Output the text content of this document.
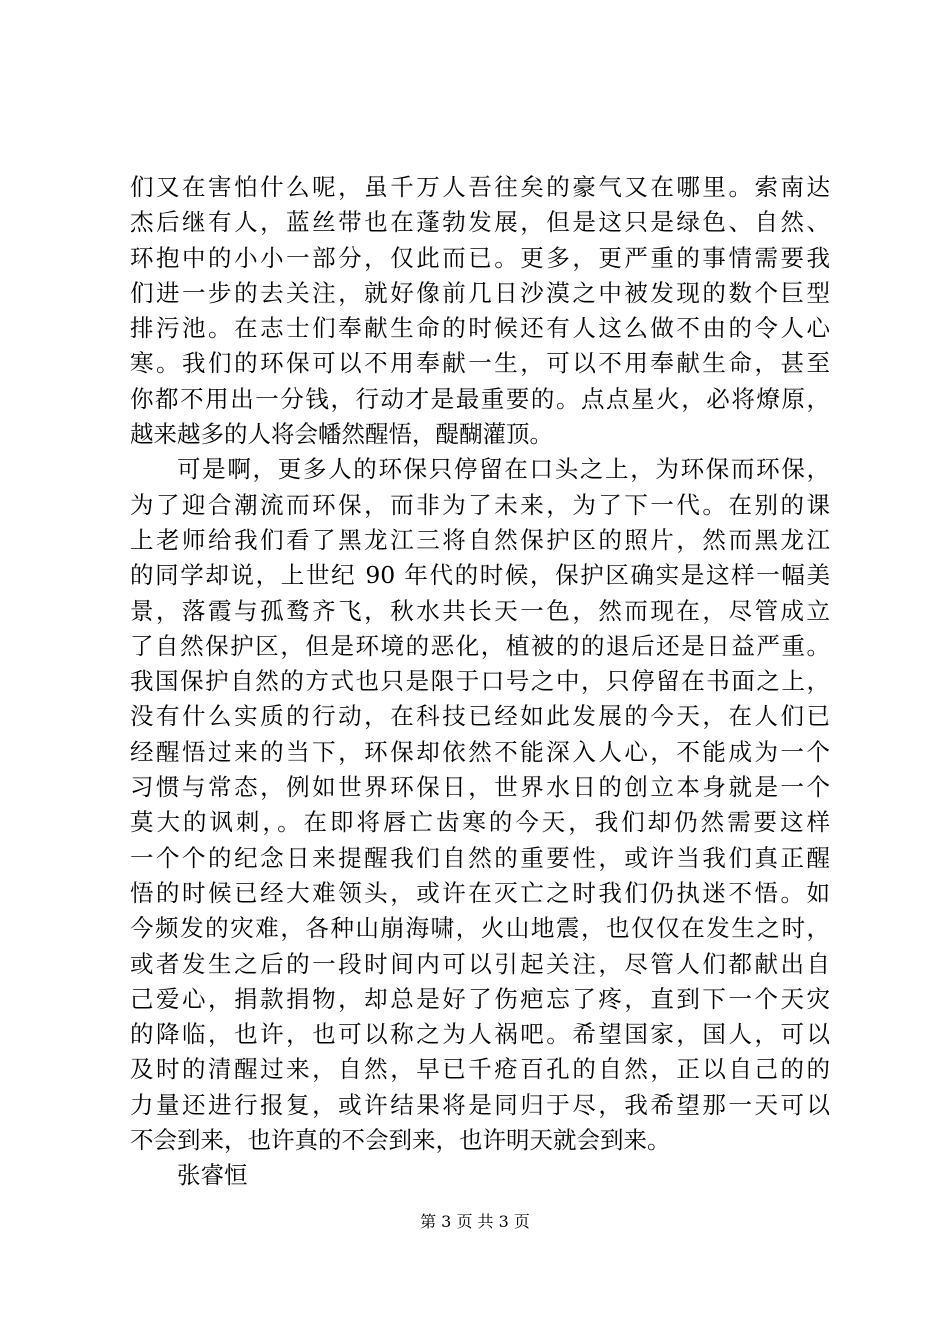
们又在害怕什么呢，虽千万人吾往矣的豪气又在哪里。索南达
杰后继有人，蓝丝带也在蓬勃发展，但是这只是绿色、自然、
环抱中的小小一部分，仅此而已。更多，更严重的事情需要我
们进一步的去关注，就好像前几日沙漠之中被发现的数个巨型
排污池。在志士们奉献生命的时候还有人这么做不由的令人心
寒。我们的环保可以不用奉献一生，可以不用奉献生命，甚至
你都不用出一分钱，行动才是最重要的。点点星火，必将燎原，
越来越多的人将会幡然醒悟，醍醐灌顶。
可是啊，更多人的环保只停留在口头之上，为环保而环保，
为了迎合潮流而环保，而非为了未来，为了下一代。在别的课
上老师给我们看了黑龙江三将自然保护区的照片，然而黑龙江
的同学却说，上世纪 90 年代的时候，保护区确实是这样一幅美
景，落霞与孤鹜齐飞，秋水共长天一色，然而现在，尽管成立
了自然保护区，但是环境的恶化，植被的的退后还是日益严重。
我国保护自然的方式也只是限于口号之中，只停留在书面之上，
没有什么实质的行动，在科技已经如此发展的今天，在人们已
经醒悟过来的当下，环保却依然不能深入人心，不能成为一个
习惯与常态，例如世界环保日，世界水日的创立本身就是一个
莫大的讽刺，。在即将唇亡齿寒的今天，我们却仍然需要这样
一个个的纪念日来提醒我们自然的重要性，或许当我们真正醒
悟的时候已经大难领头，或许在灭亡之时我们仍执迷不悟。如
今频发的灾难，各种山崩海啸，火山地震，也仅仅在发生之时，
或者发生之后的一段时间内可以引起关注，尽管人们都献出自
己爱心，捐款捐物，却总是好了伤疤忘了疼，直到下一个天灾
的降临，也许，也可以称之为人祸吧。希望国家，国人，可以
及时的清醒过来，自然，早已千疮百孔的自然，正以自己的的
力量还进行报复，或许结果将是同归于尽，我希望那一天可以
不会到来，也许真的不会到来，也许明天就会到来。
张睿恒
第 3 页 共 3 页
